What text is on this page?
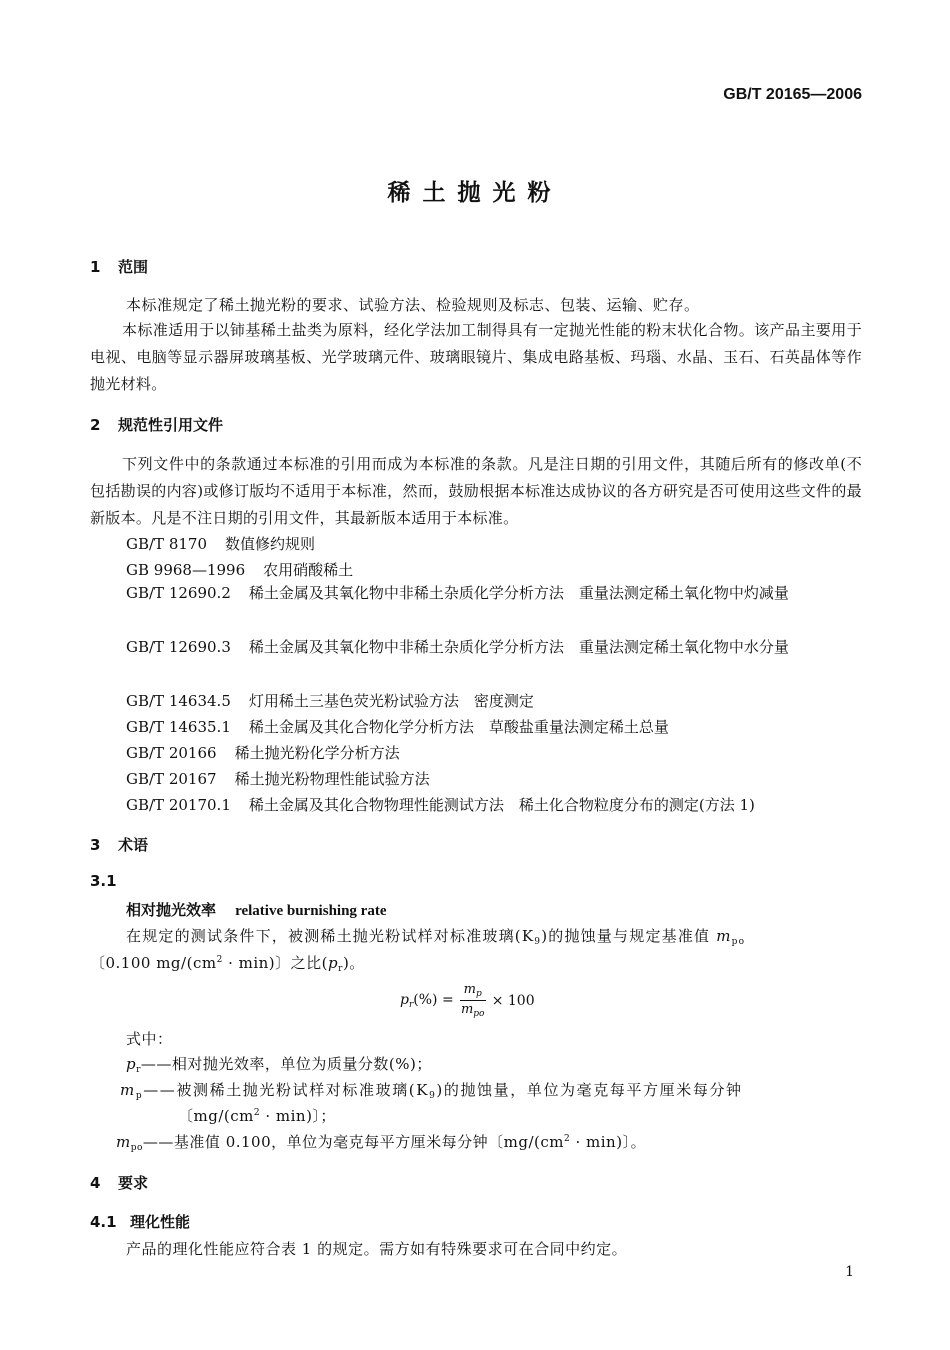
GB/T 20165—2006
稀土抛光粉
1 范围
本标准规定了稀土抛光粉的要求、试验方法、检验规则及标志、包装、运输、贮存。
本标准适用于以铈基稀土盐类为原料，经化学法加工制得具有一定抛光性能的粉末状化合物。该产品主要用于电视、电脑等显示器屏玻璃基板、光学玻璃元件、玻璃眼镜片、集成电路基板、玛瑙、水晶、玉石、石英晶体等作抛光材料。
2 规范性引用文件
下列文件中的条款通过本标准的引用而成为本标准的条款。凡是注日期的引用文件，其随后所有的修改单(不包括勘误的内容)或修订版均不适用于本标准，然而，鼓励根据本标准达成协议的各方研究是否可使用这些文件的最新版本。凡是不注日期的引用文件，其最新版本适用于本标准。
GB/T 8170 数值修约规则
GB 9968—1996 农用硝酸稀土
GB/T 12690.2 稀土金属及其氧化物中非稀土杂质化学分析方法　重量法测定稀土氧化物中灼减量
GB/T 12690.3 稀土金属及其氧化物中非稀土杂质化学分析方法　重量法测定稀土氧化物中水分量
GB/T 14634.5 灯用稀土三基色荧光粉试验方法　密度测定
GB/T 14635.1 稀土金属及其化合物化学分析方法　草酸盐重量法测定稀土总量
GB/T 20166 稀土抛光粉化学分析方法
GB/T 20167 稀土抛光粉物理性能试验方法
GB/T 20170.1 稀土金属及其化合物物理性能测试方法　稀土化合物粒度分布的测定(方法 1)
3 术语
3.1
相对抛光效率 relative burnishing rate
在规定的测试条件下，被测稀土抛光粉试样对标准玻璃$(K_9)$的抛蚀量与规定基准值 $m_{po}$
〔0.100 $mg/(cm^2 \cdot \min)$〕之比$(p_r)$。
$p_r(\%) = \frac{m_p}{m_{po}} \times 100$
式中：
$p_r——$相对抛光效率，单位为质量分数(%)；
$m_p——$被测稀土抛光粉试样对标准玻璃$(K_9)$的抛蚀量，单位为毫克每平方厘米每分钟
〔$mg/(cm^2 \cdot \min)$〕；
$m_{po}——$基准值 0.100，单位为毫克每平方厘米每分钟〔$mg/(cm^2 \cdot \min)$〕。
4 要求
4.1 理化性能
产品的理化性能应符合表 1 的规定。需方如有特殊要求可在合同中约定。
1
